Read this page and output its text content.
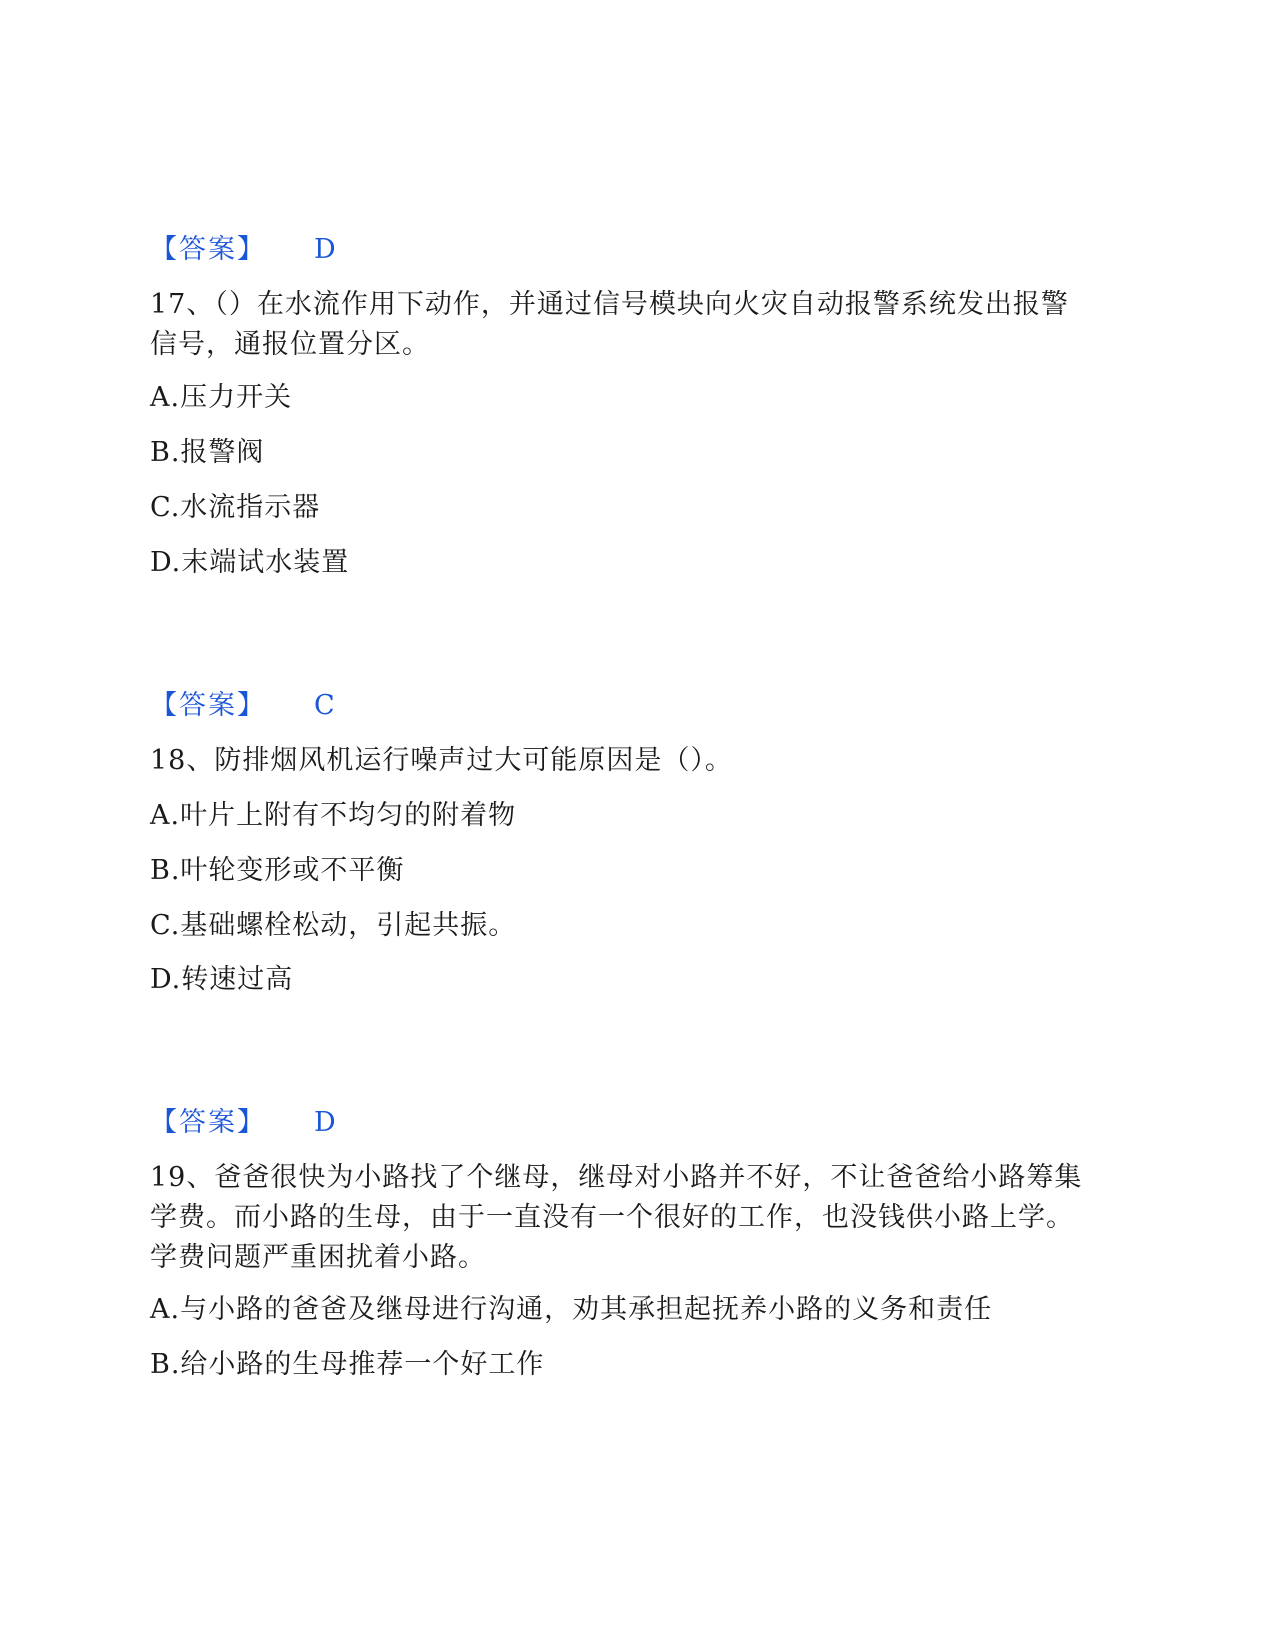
【答案】 D
17、（）在水流作用下动作，并通过信号模块向火灾自动报警系统发出报警
信号，通报位置分区。
A.压力开关
B.报警阀
C.水流指示器
D.末端试水装置
【答案】 C
18、防排烟风机运行噪声过大可能原因是（）。
A.叶片上附有不均匀的附着物
B.叶轮变形或不平衡
C.基础螺栓松动，引起共振。
D.转速过高
【答案】 D
19、爸爸很快为小路找了个继母，继母对小路并不好，不让爸爸给小路筹集
学费。而小路的生母，由于一直没有一个很好的工作，也没钱供小路上学。
学费问题严重困扰着小路。
A.与小路的爸爸及继母进行沟通，劝其承担起抚养小路的义务和责任
B.给小路的生母推荐一个好工作
